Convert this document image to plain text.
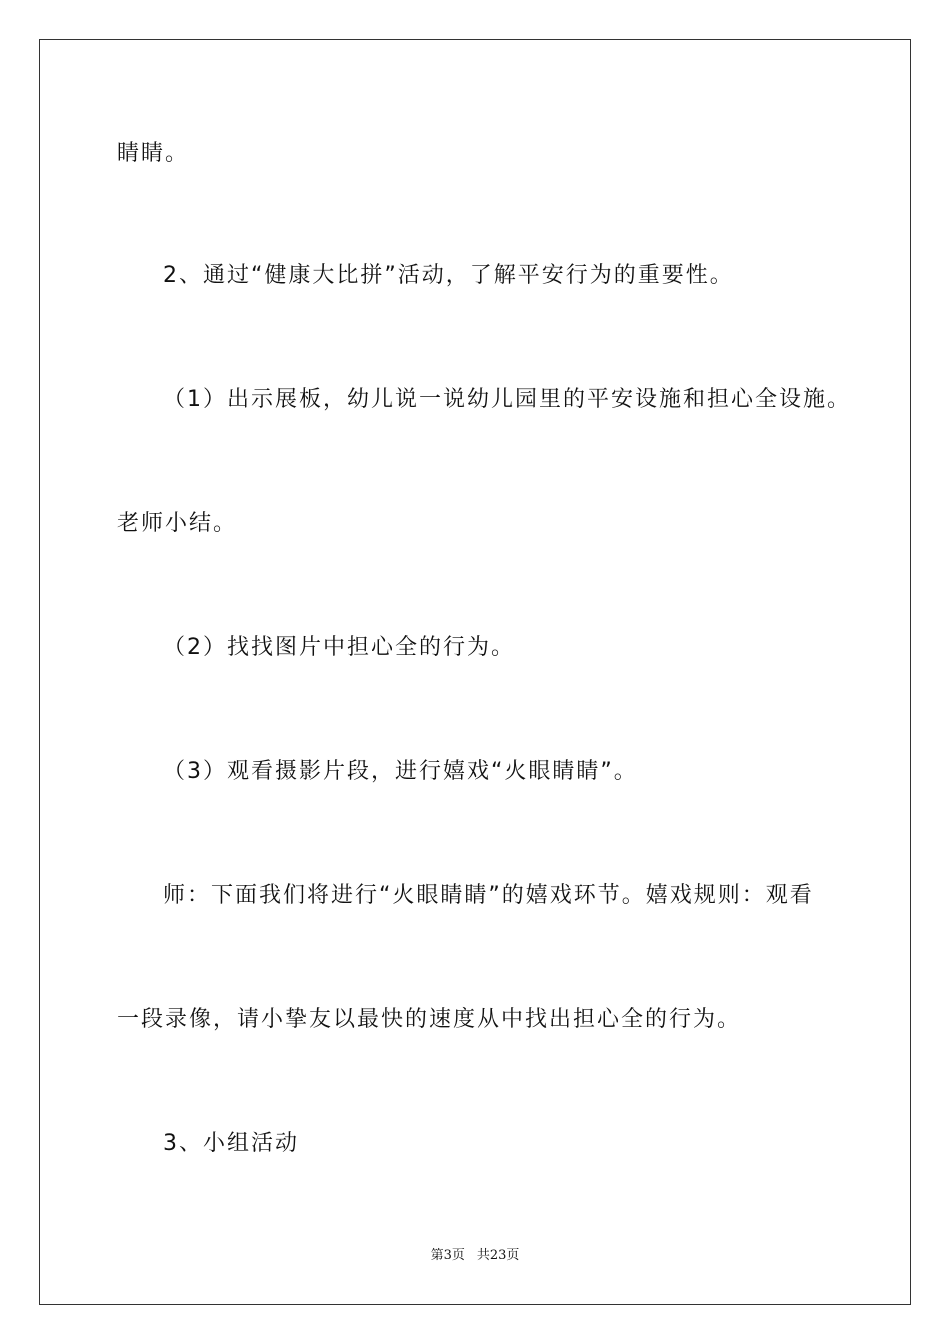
睛睛。
2、通过“健康大比拼”活动，了解平安行为的重要性。
（1）出示展板，幼儿说一说幼儿园里的平安设施和担心全设施。
老师小结。
（2）找找图片中担心全的行为。
（3）观看摄影片段，进行嬉戏“火眼睛睛”。
师：下面我们将进行“火眼睛睛”的嬉戏环节。嬉戏规则：观看
一段录像，请小挚友以最快的速度从中找出担心全的行为。
3、小组活动
第3页 共23页
